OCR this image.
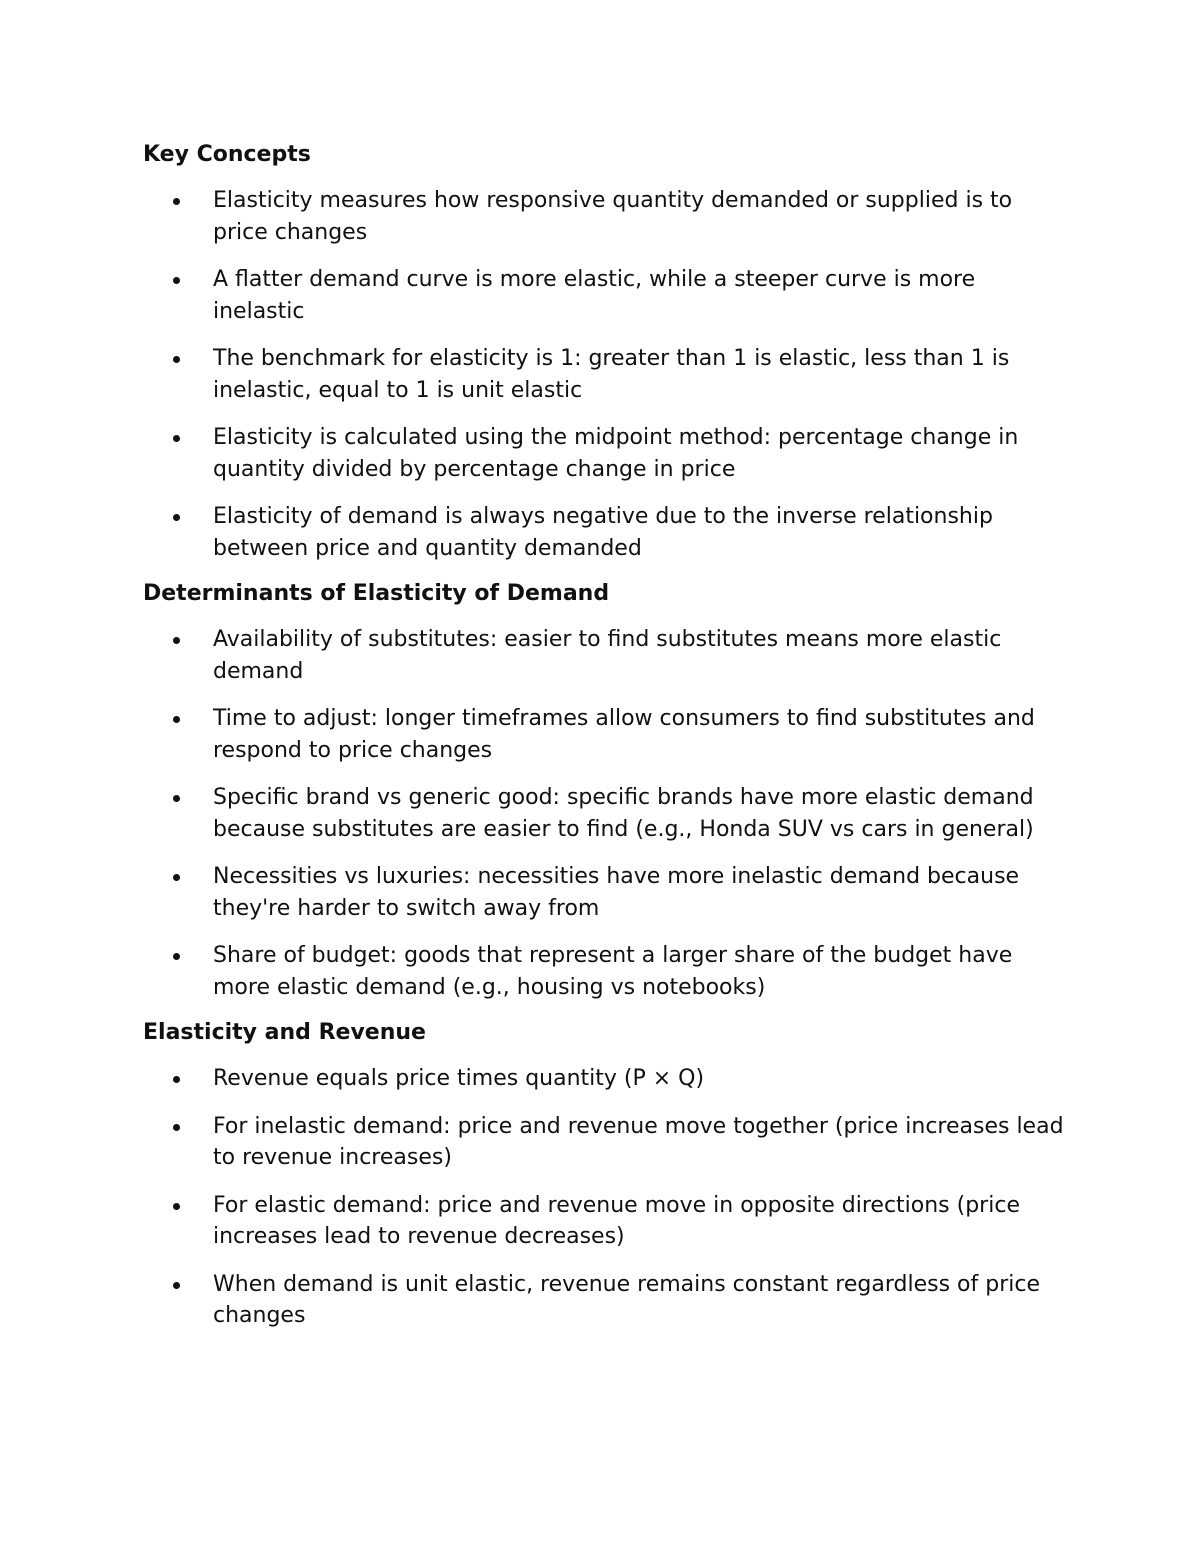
Key Concepts
Elasticity measures how responsive quantity demanded or supplied is to price changes
A flatter demand curve is more elastic, while a steeper curve is more inelastic
The benchmark for elasticity is 1: greater than 1 is elastic, less than 1 is inelastic, equal to 1 is unit elastic
Elasticity is calculated using the midpoint method: percentage change in quantity divided by percentage change in price
Elasticity of demand is always negative due to the inverse relationship between price and quantity demanded
Determinants of Elasticity of Demand
Availability of substitutes: easier to find substitutes means more elastic demand
Time to adjust: longer timeframes allow consumers to find substitutes and respond to price changes
Specific brand vs generic good: specific brands have more elastic demand because substitutes are easier to find (e.g., Honda SUV vs cars in general)
Necessities vs luxuries: necessities have more inelastic demand because they're harder to switch away from
Share of budget: goods that represent a larger share of the budget have more elastic demand (e.g., housing vs notebooks)
Elasticity and Revenue
Revenue equals price times quantity (P × Q)
For inelastic demand: price and revenue move together (price increases lead to revenue increases)
For elastic demand: price and revenue move in opposite directions (price increases lead to revenue decreases)
When demand is unit elastic, revenue remains constant regardless of price changes
